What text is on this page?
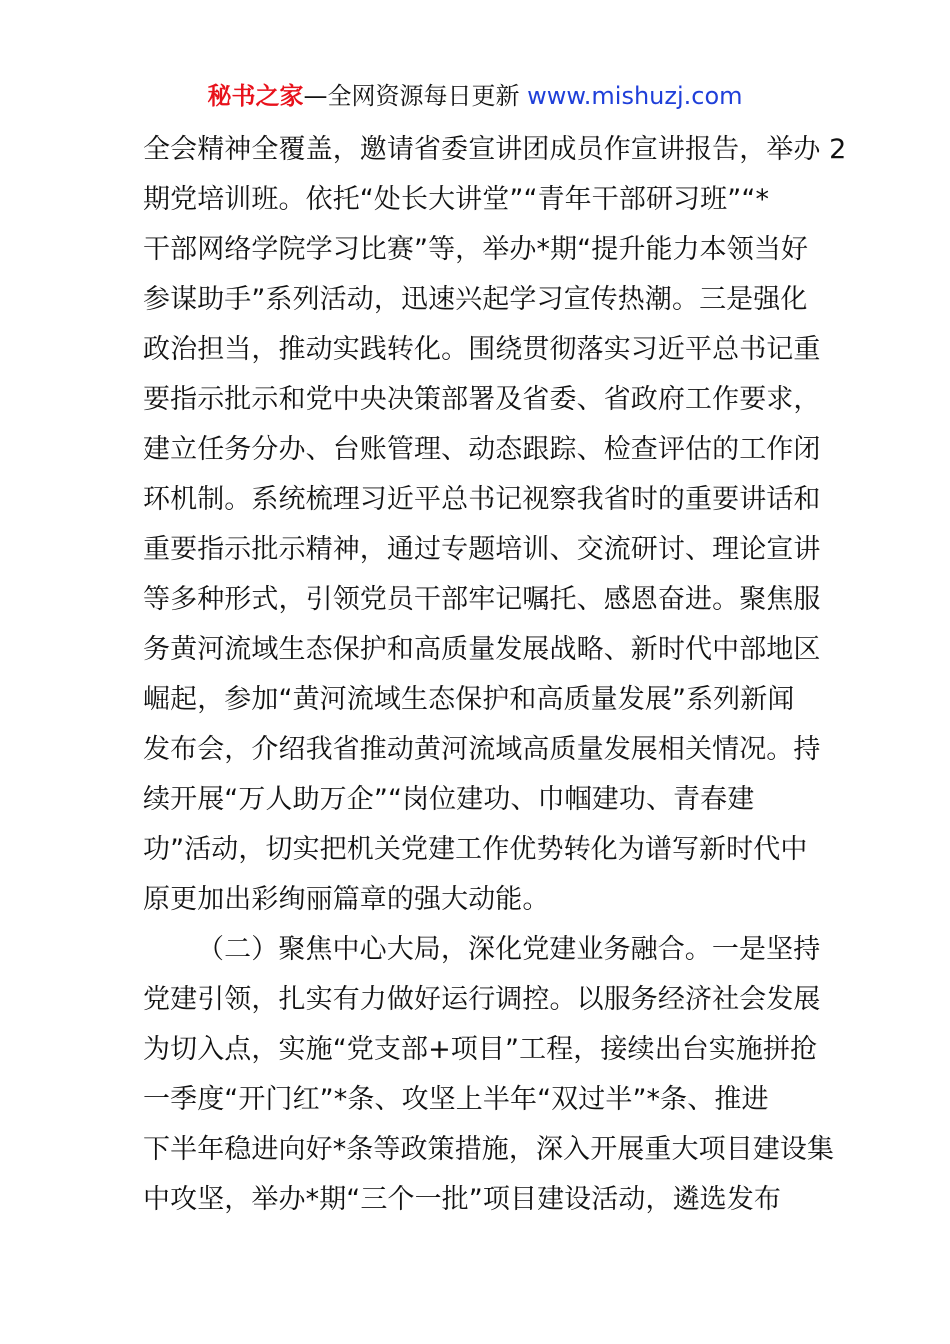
秘书之家—全网资源每日更新 www.mishuzj.com
全会精神全覆盖，邀请省委宣讲团成员作宣讲报告，举办 2
期党培训班。依托“处长大讲堂”“青年干部研习班”“*
干部网络学院学习比赛”等，举办*期“提升能力本领当好
参谋助手”系列活动，迅速兴起学习宣传热潮。三是强化
政治担当，推动实践转化。围绕贯彻落实习近平总书记重
要指示批示和党中央决策部署及省委、省政府工作要求，
建立任务分办、台账管理、动态跟踪、检查评估的工作闭
环机制。系统梳理习近平总书记视察我省时的重要讲话和
重要指示批示精神，通过专题培训、交流研讨、理论宣讲
等多种形式，引领党员干部牢记嘱托、感恩奋进。聚焦服
务黄河流域生态保护和高质量发展战略、新时代中部地区
崛起，参加“黄河流域生态保护和高质量发展”系列新闻
发布会，介绍我省推动黄河流域高质量发展相关情况。持
续开展“万人助万企”“岗位建功、巾帼建功、青春建
功”活动，切实把机关党建工作优势转化为谱写新时代中
原更加出彩绚丽篇章的强大动能。
（二）聚焦中心大局，深化党建业务融合。一是坚持
党建引领，扎实有力做好运行调控。以服务经济社会发展
为切入点，实施“党支部+项目”工程，接续出台实施拼抢
一季度“开门红”*条、攻坚上半年“双过半”*条、推进
下半年稳进向好*条等政策措施，深入开展重大项目建设集
中攻坚，举办*期“三个一批”项目建设活动，遴选发布
